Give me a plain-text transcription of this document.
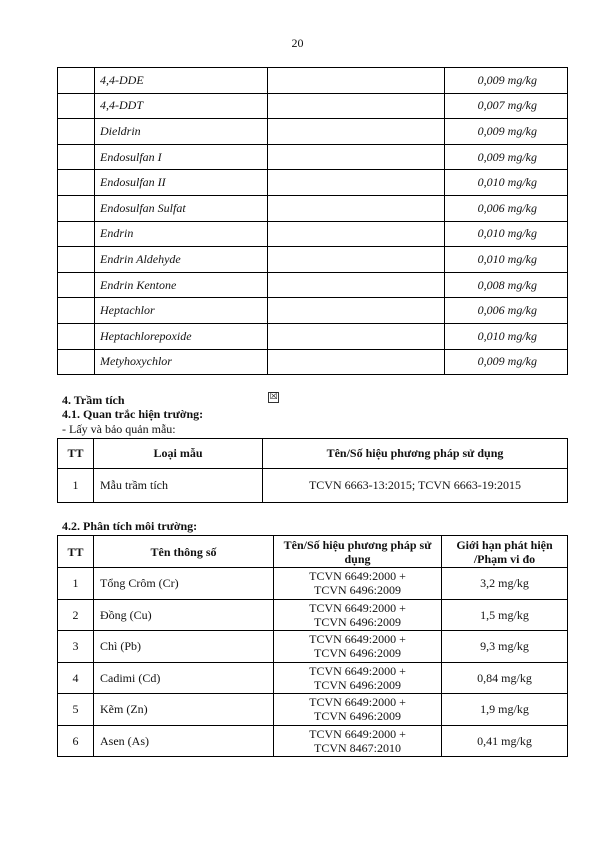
20
	4,4-DDE		0,009 mg/kg
	4,4-DDT		0,007 mg/kg
	Dieldrin		0,009 mg/kg
	Endosulfan I		0,009 mg/kg
	Endosulfan II		0,010 mg/kg
	Endosulfan Sulfat		0,006 mg/kg
	Endrin		0,010 mg/kg
	Endrin Aldehyde		0,010 mg/kg
	Endrin Kentone		0,008 mg/kg
	Heptachlor		0,006 mg/kg
	Heptachlorepoxide		0,010 mg/kg
	Metyhoxychlor		0,009 mg/kg
4. Trầm tích	☒
4.1. Quan trắc hiện trường:
- Lấy và bảo quản mẫu:
TT	Loại mẫu	Tên/Số hiệu phương pháp sử dụng
1	Mẫu trầm tích	TCVN 6663-13:2015; TCVN 6663-19:2015
4.2. Phân tích môi trường:
TT	Tên thông số	Tên/Số hiệu phương pháp sử dụng	Giới hạn phát hiện /Phạm vi đo
1	Tổng Crôm (Cr)	TCVN 6649:2000 +
TCVN 6496:2009	3,2 mg/kg
2	Đồng (Cu)	TCVN 6649:2000 +
TCVN 6496:2009	1,5 mg/kg
3	Chì (Pb)	TCVN 6649:2000 +
TCVN 6496:2009	9,3 mg/kg
4	Cadimi (Cd)	TCVN 6649:2000 +
TCVN 6496:2009	0,84 mg/kg
5	Kẽm (Zn)	TCVN 6649:2000 +
TCVN 6496:2009	1,9 mg/kg
6	Asen (As)	TCVN 6649:2000 +
TCVN 8467:2010	0,41 mg/kg
